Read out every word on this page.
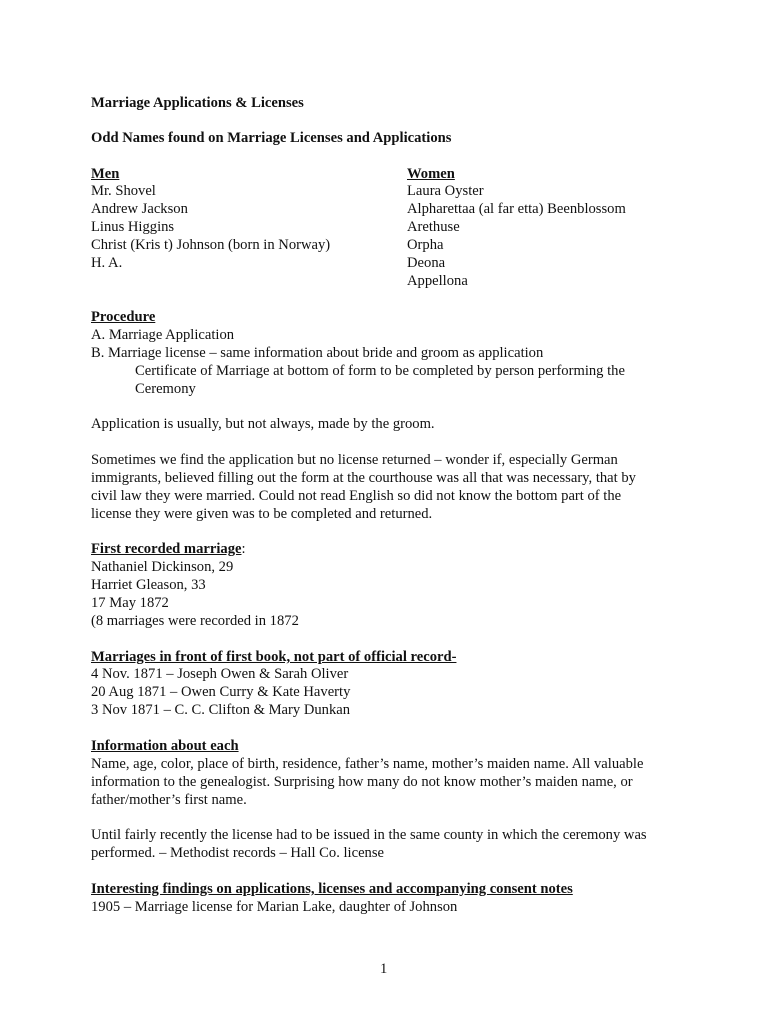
Marriage Applications & Licenses
Odd Names found on Marriage Licenses and Applications
Men	Women
Mr. Shovel
Andrew Jackson
Linus Higgins
Christ (Kris t) Johnson (born in Norway)
H. A.
Laura Oyster
Alpharettaa (al far etta) Beenblossom
Arethuse
Orpha
Deona
Appellona
Procedure
A. Marriage Application
B. Marriage license – same information about bride and groom as application
Certificate of Marriage at bottom of form to be completed by person performing the
Ceremony
Application is usually, but not always, made by the groom.
Sometimes we find the application but no license returned – wonder if, especially German
immigrants, believed filling out the form at the courthouse was all that was necessary, that by
civil law they were married. Could not read English so did not know the bottom part of the
license they were given was to be completed and returned.
First recorded marriage:
Nathaniel Dickinson, 29
Harriet Gleason, 33
17 May 1872
(8 marriages were recorded in 1872
Marriages in front of first book, not part of official record-
4 Nov. 1871 – Joseph Owen & Sarah Oliver
20 Aug 1871 – Owen Curry & Kate Haverty
3 Nov 1871 – C. C. Clifton & Mary Dunkan
Information about each
Name, age, color, place of birth, residence, father’s name, mother’s maiden name. All valuable
information to the genealogist. Surprising how many do not know mother’s maiden name, or
father/mother’s first name.
Until fairly recently the license had to be issued in the same county in which the ceremony was
performed. – Methodist records – Hall Co. license
Interesting findings on applications, licenses and accompanying consent notes
1905 – Marriage license for Marian Lake, daughter of Johnson
1
